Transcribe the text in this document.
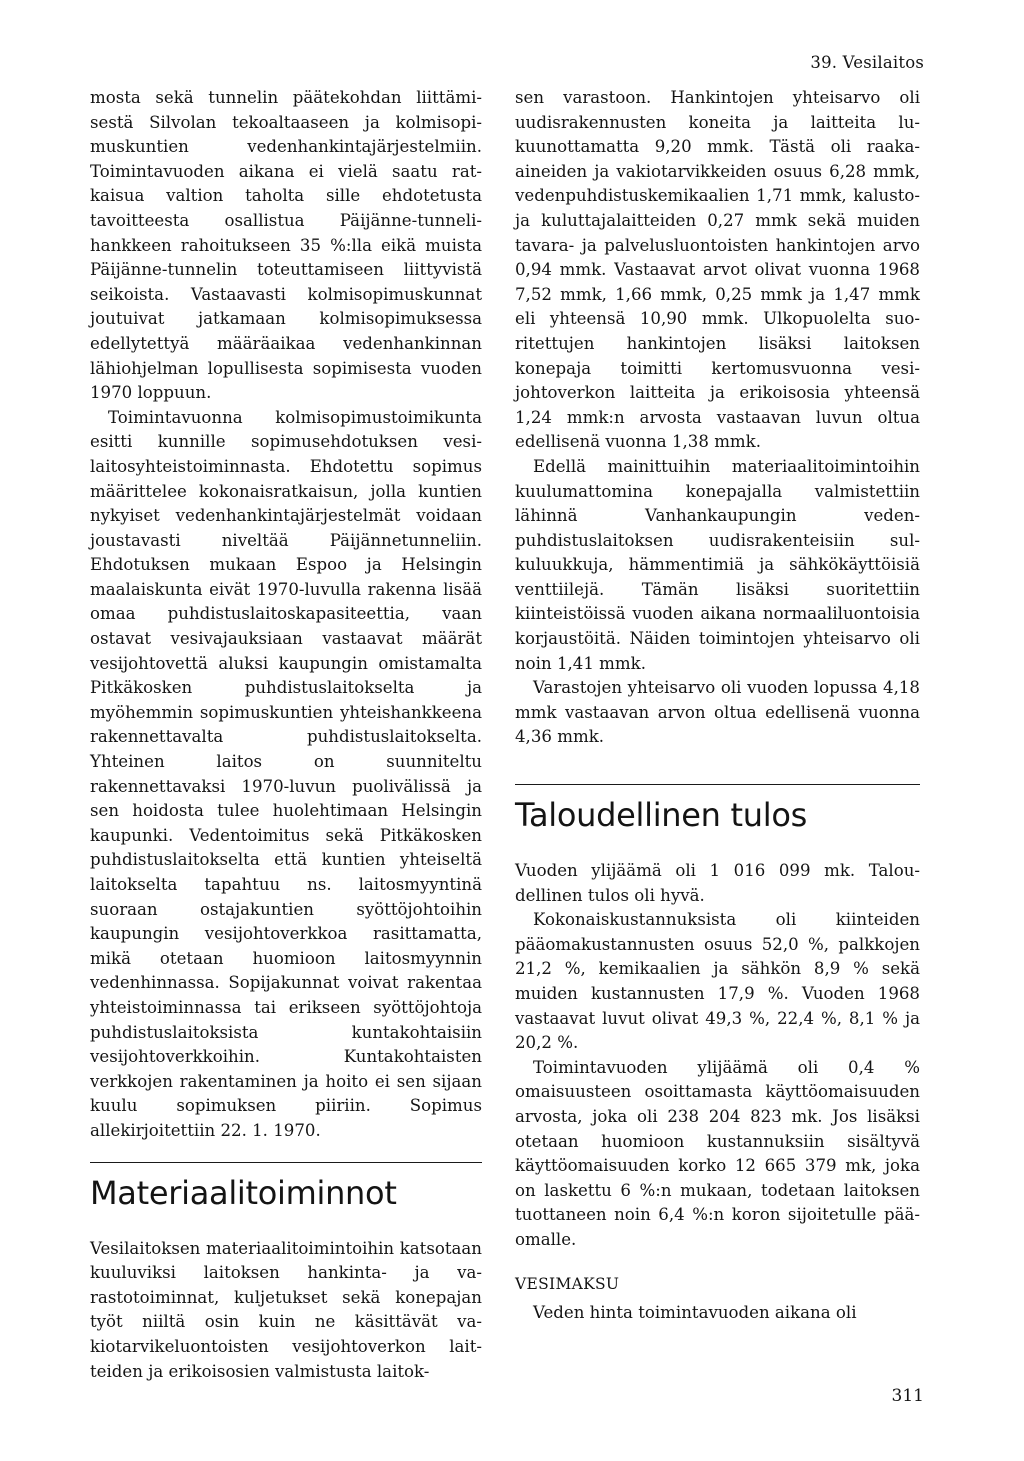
39. Vesilaitos

mosta sekä tunnelin päätekohdan liittämisestä Silvolan tekoaltaaseen ja kolmisopimuskuntien vedenhankintajärjestelmiin. Toimintavuoden aikana ei vielä saatu ratkaisua valtion taholta sille ehdotetusta tavoitteesta osallistua Päijänne-tunnelihankkeen rahoitukseen 35 %:lla eikä muista Päijänne-tunnelin toteuttamiseen liittyvistä seikoista. Vastaavasti kolmisopimuskunnat joutuivat jatkamaan kolmisopimuksessa edellytettyä määräaikaa vedenhankinnan lähiohjelman lopullisesta sopimisesta vuoden 1970 loppuun.

Toimintavuonna kolmisopimustoimikunta esitti kunnille sopimusehdotuksen vesilaitosyhteistoiminnasta. Ehdotettu sopimus määrittelee kokonaisratkaisun, jolla kuntien nykyiset vedenhankintajärjestelmät voidaan joustavasti niveltää Päijännetunneliin. Ehdotuksen mukaan Espoo ja Helsingin maalaiskunta eivät 1970-luvulla rakenna lisää omaa puhdistuslaitoskapasiteettia, vaan ostavat vesivajauksiaan vastaavat määrät vesijohtovettä aluksi kaupungin omistamalta Pitkäkosken puhdistuslaitokselta ja myöhemmin sopimuskuntien yhteishankkeena rakennettavalta puhdistuslaitokselta. Yhteinen laitos on suunniteltu rakennettavaksi 1970-luvun puolivälissä ja sen hoidosta tulee huolehtimaan Helsingin kaupunki. Vedentoimitus sekä Pitkäkosken puhdistuslaitokselta että kuntien yhteiseltä laitokselta tapahtuu ns. laitosmyyntinä suoraan ostajakuntien syöttöjohtoihin kaupungin vesijohtoverkkoa rasittamatta, mikä otetaan huomioon laitosmyynnin vedenhinnassa. Sopijakunnat voivat rakentaa yhteistoiminnassa tai erikseen syöttöjohtoja puhdistuslaitoksista kuntakohtaisiin vesijohtoverkkoihin. Kuntakohtaisten verkkojen rakentaminen ja hoito ei sen sijaan kuulu sopimuksen piiriin. Sopimus allekirjoitettiin 22. 1. 1970.

Materiaalitoiminnot

Vesilaitoksen materiaalitoimintoihin katsotaan kuuluviksi laitoksen hankinta- ja varastotoiminnat, kuljetukset sekä konepajan työt niiltä osin kuin ne käsittävät vakiotarvikeluontoisten vesijohtoverkon laitteiden ja erikoisosien valmistusta laitok-

sen varastoon. Hankintojen yhteisarvo oli uudisrakennusten koneita ja laitteita lukuunottamatta 9,20 mmk. Tästä oli raakaaineiden ja vakiotarvikkeiden osuus 6,28 mmk, vedenpuhdistuskemikaalien 1,71 mmk, kalusto- ja kuluttajalaitteiden 0,27 mmk sekä muiden tavara- ja palvelusluontoisten hankintojen arvo 0,94 mmk. Vastaavat arvot olivat vuonna 1968 7,52 mmk, 1,66 mmk, 0,25 mmk ja 1,47 mmk eli yhteensä 10,90 mmk. Ulkopuolelta suoritettujen hankintojen lisäksi laitoksen konepaja toimitti kertomusvuonna vesijohtoverkon laitteita ja erikoisosia yhteensä 1,24 mmk:n arvosta vastaavan luvun oltua edellisenä vuonna 1,38 mmk.

Edellä mainittuihin materiaalitoimintoihin kuulumattomina konepajalla valmistettiin lähinnä Vanhankaupungin vedenpuhdistuslaitoksen uudisrakenteisiin sulkuluukkuja, hämmentimiä ja sähkökäyttöisiä venttiilejä. Tämän lisäksi suoritettiin kiinteistöissä vuoden aikana normaaliluontoisia korjaustöitä. Näiden toimintojen yhteisarvo oli noin 1,41 mmk.

Varastojen yhteisarvo oli vuoden lopussa 4,18 mmk vastaavan arvon oltua edellisenä vuonna 4,36 mmk.

Taloudellinen tulos

Vuoden ylijäämä oli 1 016 099 mk. Taloudellinen tulos oli hyvä.

Kokonaiskustannuksista oli kiinteiden pääomakustannusten osuus 52,0 %, palkkojen 21,2 %, kemikaalien ja sähkön 8,9 % sekä muiden kustannusten 17,9 %. Vuoden 1968 vastaavat luvut olivat 49,3 %, 22,4 %, 8,1 % ja 20,2 %.

Toimintavuoden ylijäämä oli 0,4 % omaisuusteen osoittamasta käyttöomaisuuden arvosta, joka oli 238 204 823 mk. Jos lisäksi otetaan huomioon kustannuksiin sisältyvä käyttöomaisuuden korko 12 665 379 mk, joka on laskettu 6 %:n mukaan, todetaan laitoksen tuottaneen noin 6,4 %:n koron sijoitetulle pääomalle.

VESIMAKSU

Veden hinta toimintavuoden aikana oli

311
